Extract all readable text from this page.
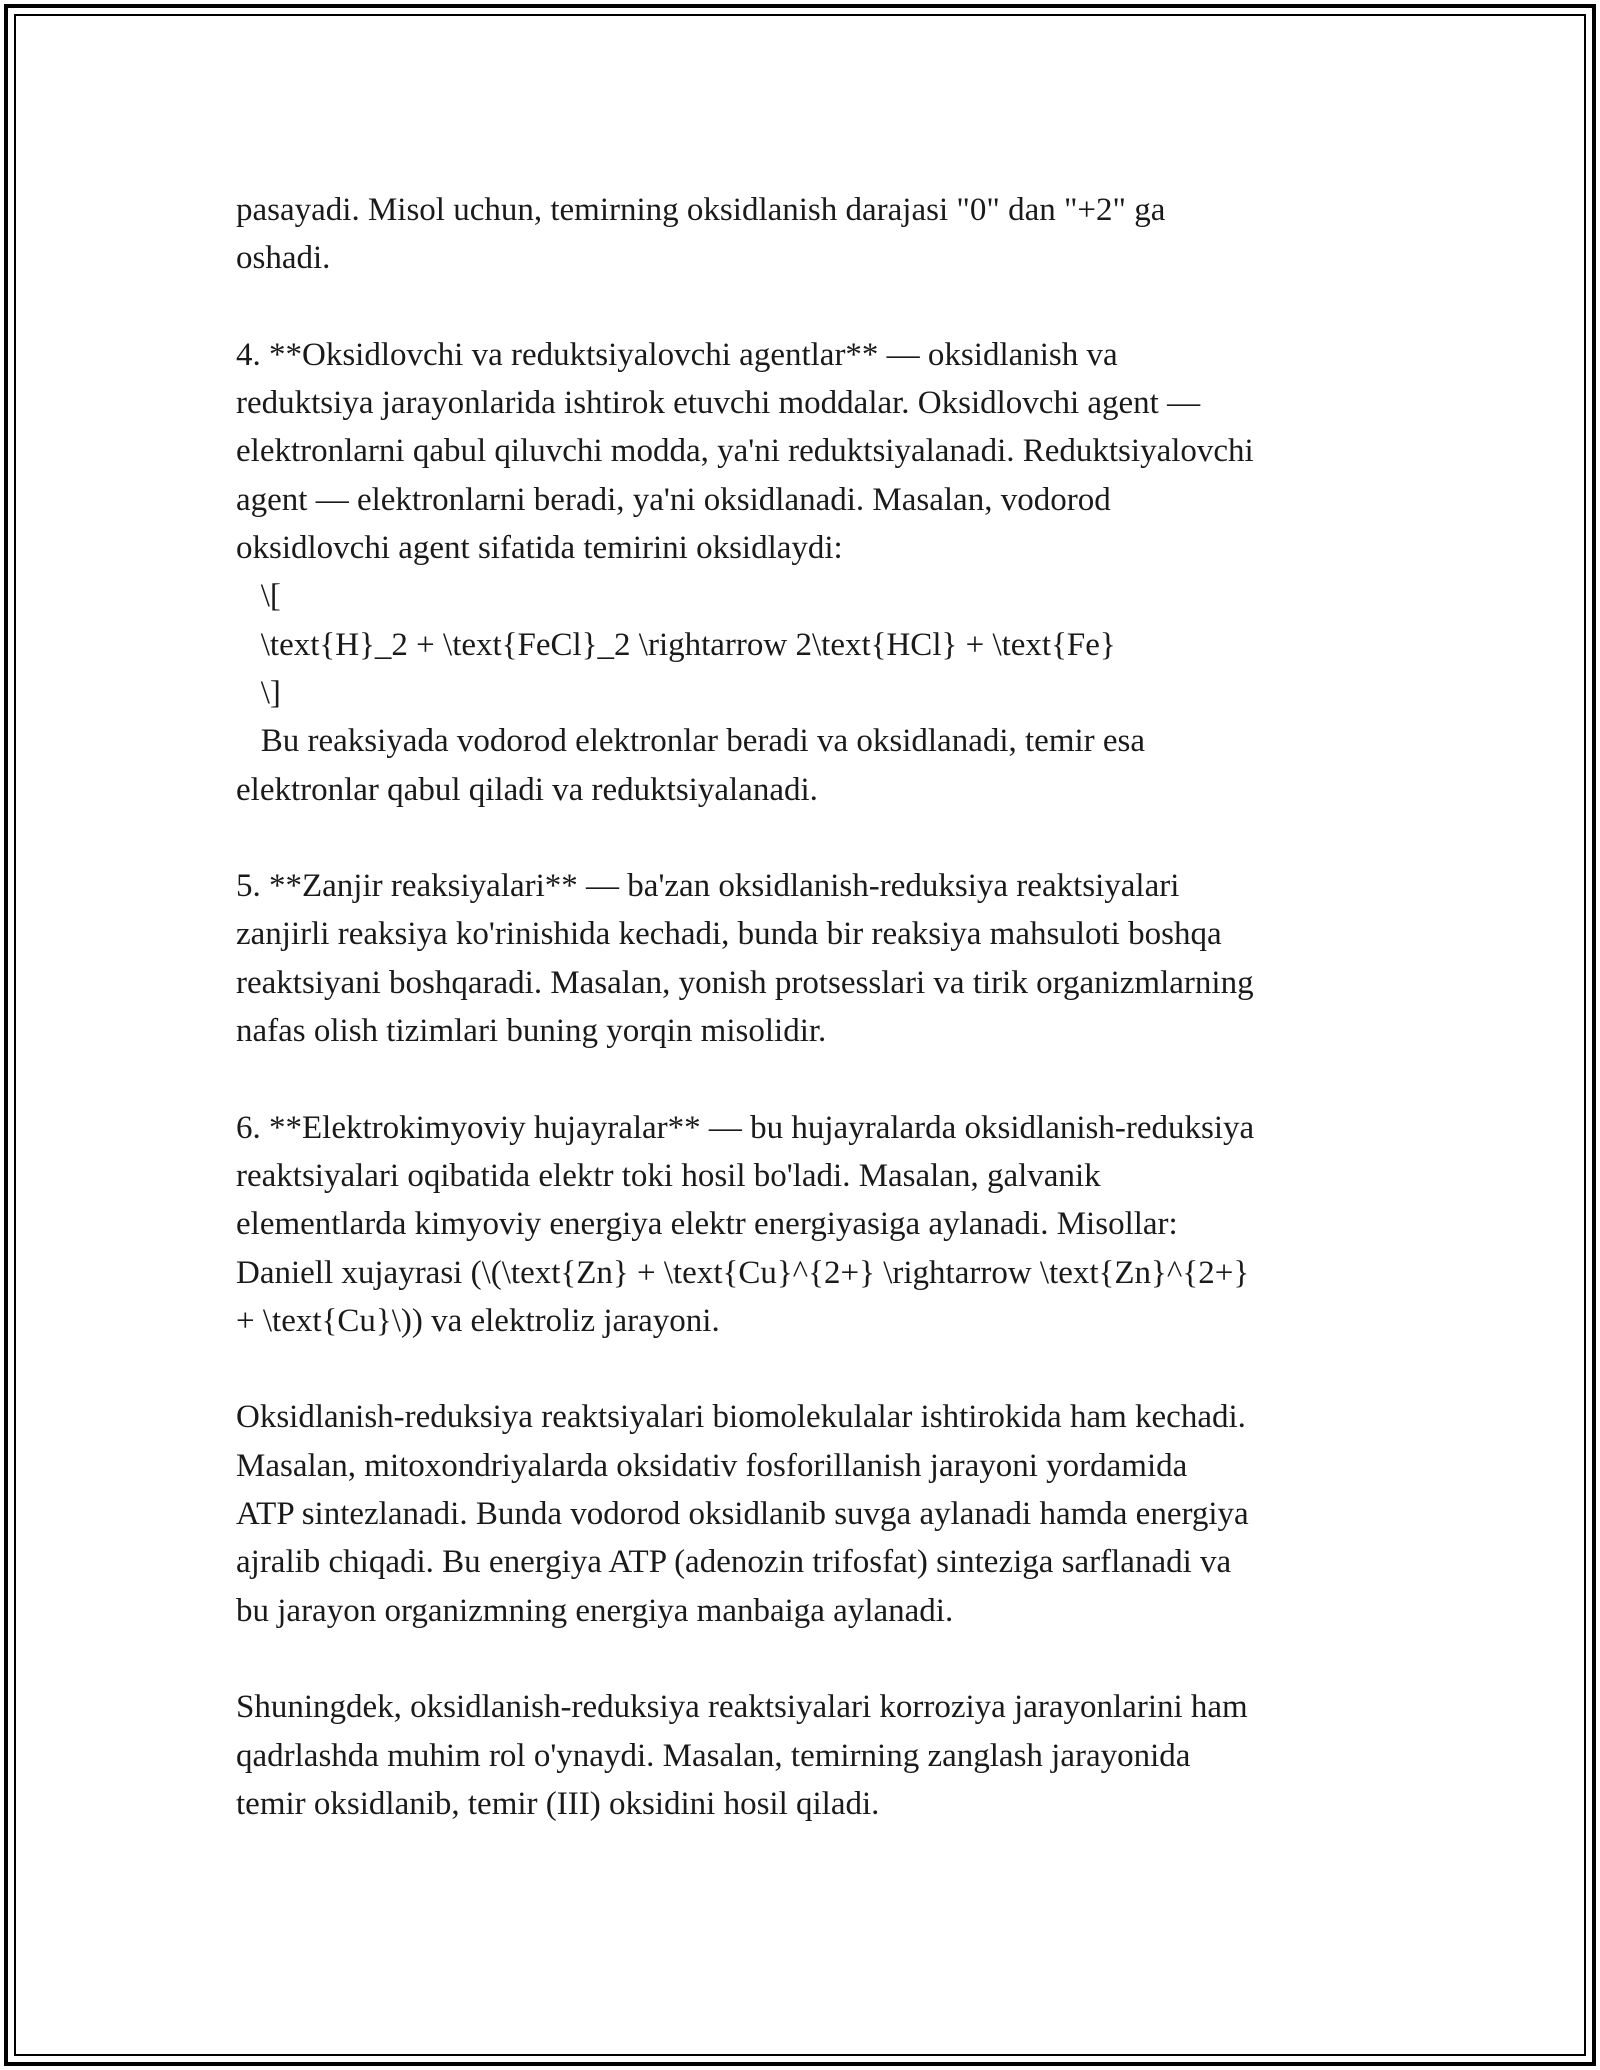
pasayadi. Misol uchun, temirning oksidlanish darajasi "0" dan "+2" ga
oshadi.
4. **Oksidlovchi va reduktsiyalovchi agentlar** — oksidlanish va
reduktsiya jarayonlarida ishtirok etuvchi moddalar. Oksidlovchi agent —
elektronlarni qabul qiluvchi modda, ya'ni reduktsiyalanadi. Reduktsiyalovchi
agent — elektronlarni beradi, ya'ni oksidlanadi. Masalan, vodorod
oksidlovchi agent sifatida temirini oksidlaydi:
\[
\text{H}_2 + \text{FeCl}_2 \rightarrow 2\text{HCl} + \text{Fe}
\]
Bu reaksiyada vodorod elektronlar beradi va oksidlanadi, temir esa
elektronlar qabul qiladi va reduktsiyalanadi.
5. **Zanjir reaksiyalari** — ba'zan oksidlanish-reduksiya reaktsiyalari
zanjirli reaksiya ko'rinishida kechadi, bunda bir reaksiya mahsuloti boshqa
reaktsiyani boshqaradi. Masalan, yonish protsesslari va tirik organizmlarning
nafas olish tizimlari buning yorqin misolidir.
6. **Elektrokimyoviy hujayralar** — bu hujayralarda oksidlanish-reduksiya
reaktsiyalari oqibatida elektr toki hosil bo'ladi. Masalan, galvanik
elementlarda kimyoviy energiya elektr energiyasiga aylanadi. Misollar:
Daniell xujayrasi (\(\text{Zn} + \text{Cu}^{2+} \rightarrow \text{Zn}^{2+}
+ \text{Cu}\)) va elektroliz jarayoni.
Oksidlanish-reduksiya reaktsiyalari biomolekulalar ishtirokida ham kechadi.
Masalan, mitoxondriyalarda oksidativ fosforillanish jarayoni yordamida
ATP sintezlanadi. Bunda vodorod oksidlanib suvga aylanadi hamda energiya
ajralib chiqadi. Bu energiya ATP (adenozin trifosfat) sinteziga sarflanadi va
bu jarayon organizmning energiya manbaiga aylanadi.
Shuningdek, oksidlanish-reduksiya reaktsiyalari korroziya jarayonlarini ham
qadrlashda muhim rol o'ynaydi. Masalan, temirning zanglash jarayonida
temir oksidlanib, temir (III) oksidini hosil qiladi.
